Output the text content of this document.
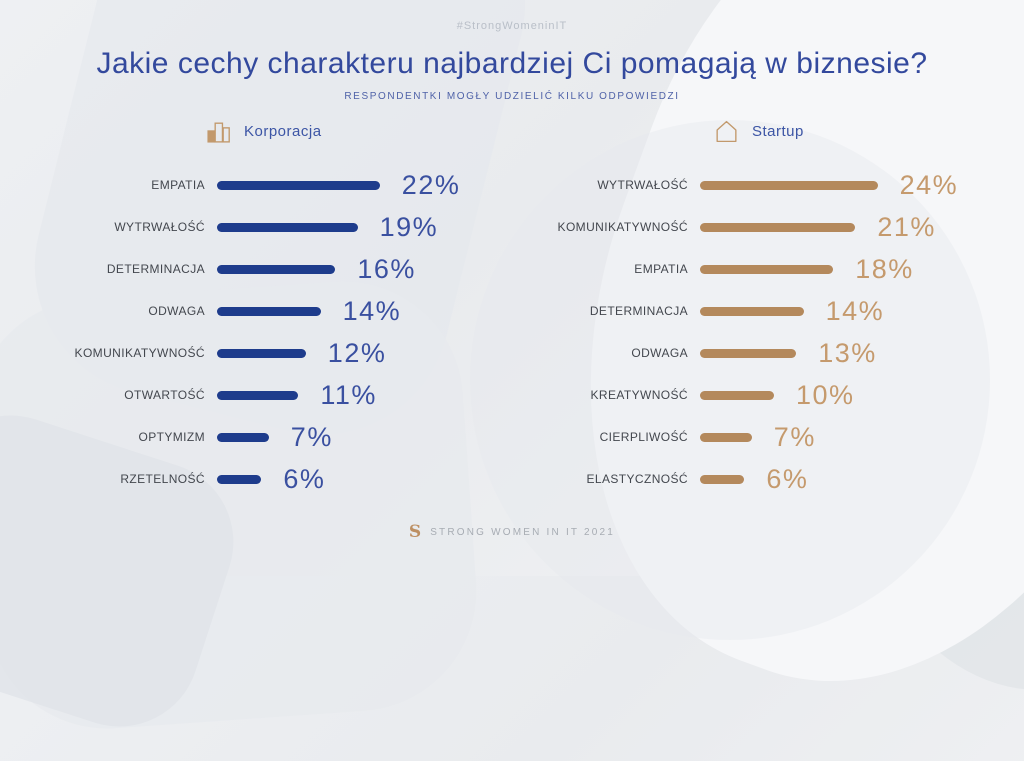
#StrongWomeninIT
Jakie cechy charakteru najbardziej Ci pomagają w biznesie?
RESPONDENTKI MOGŁY UDZIELIĆ KILKU ODPOWIEDZI
Korporacja	Startup
EMPATIA	22%
WYTRWAŁOŚĆ	19%
DETERMINACJA	16%
ODWAGA	14%
KOMUNIKATYWNOŚĆ	12%
OTWARTOŚĆ	11%
OPTYMIZM	7%
RZETELNOŚĆ	6%
WYTRWAŁOŚĆ	24%
KOMUNIKATYWNOŚĆ	21%
EMPATIA	18%
DETERMINACJA	14%
ODWAGA	13%
KREATYWNOŚĆ	10%
CIERPLIWOŚĆ	7%
ELASTYCZNOŚĆ	6%
S STRONG WOMEN IN IT 2021
